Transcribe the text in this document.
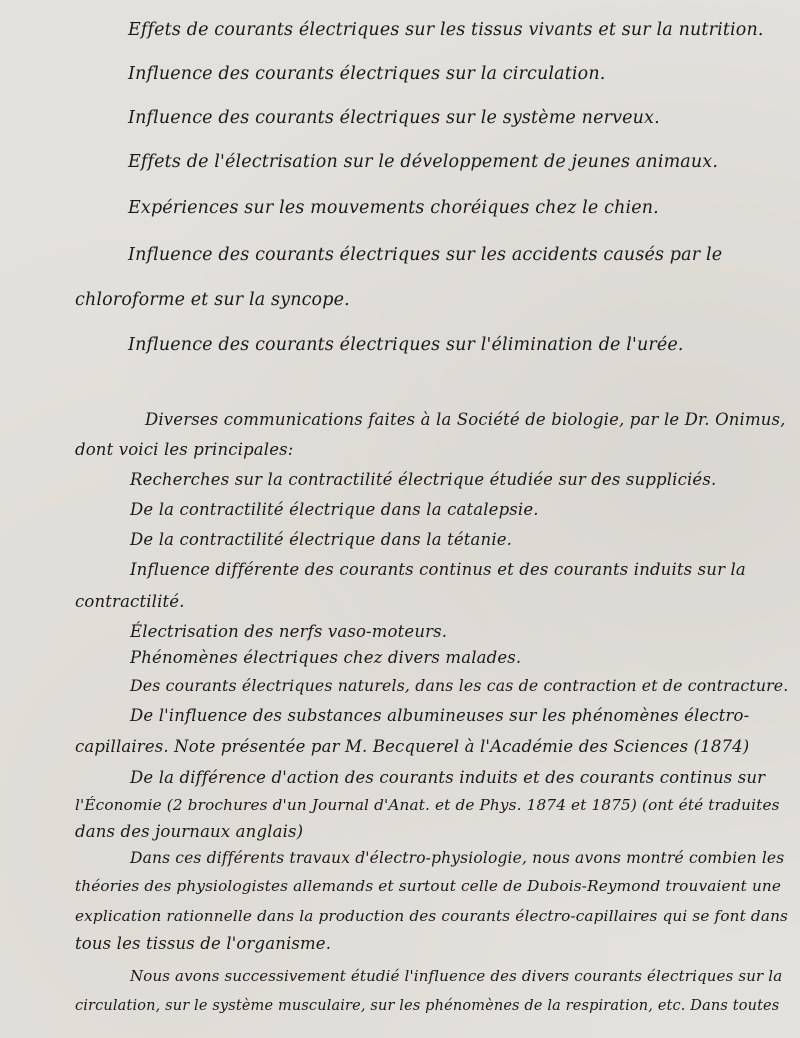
Effets de courants électriques sur les tissus vivants et sur la nutrition.
Influence des courants électriques sur la circulation.
Influence des courants électriques sur le système nerveux.
Effets de l'électrisation sur le développement de jeunes animaux.
Expériences sur les mouvements choréiques chez le chien.
Influence des courants électriques sur les accidents causés par le
chloroforme et sur la syncope.
Influence des courants électriques sur l'élimination de l'urée.
Diverses communications faites à la Société de biologie, par le Dr. Onimus,
dont voici les principales:
Recherches sur la contractilité électrique étudiée sur des suppliciés.
De la contractilité électrique dans la catalepsie.
De la contractilité électrique dans la tétanie.
Influence différente des courants continus et des courants induits sur la
contractilité.
Électrisation des nerfs vaso-moteurs.
Phénomènes électriques chez divers malades.
Des courants électriques naturels, dans les cas de contraction et de contracture.
De l'influence des substances albumineuses sur les phénomènes électro-
capillaires. Note présentée par M. Becquerel à l'Académie des Sciences (1874)
De la différence d'action des courants induits et des courants continus sur
l'Économie (2 brochures d'un Journal d'Anat. et de Phys. 1874 et 1875) (ont été traduites
dans des journaux anglais)
Dans ces différents travaux d'électro-physiologie, nous avons montré combien les
théories des physiologistes allemands et surtout celle de Dubois-Reymond trouvaient une
explication rationnelle dans la production des courants électro-capillaires qui se font dans
tous les tissus de l'organisme.
Nous avons successivement étudié l'influence des divers courants électriques sur la
circulation, sur le système musculaire, sur les phénomènes de la respiration, etc. Dans toutes
